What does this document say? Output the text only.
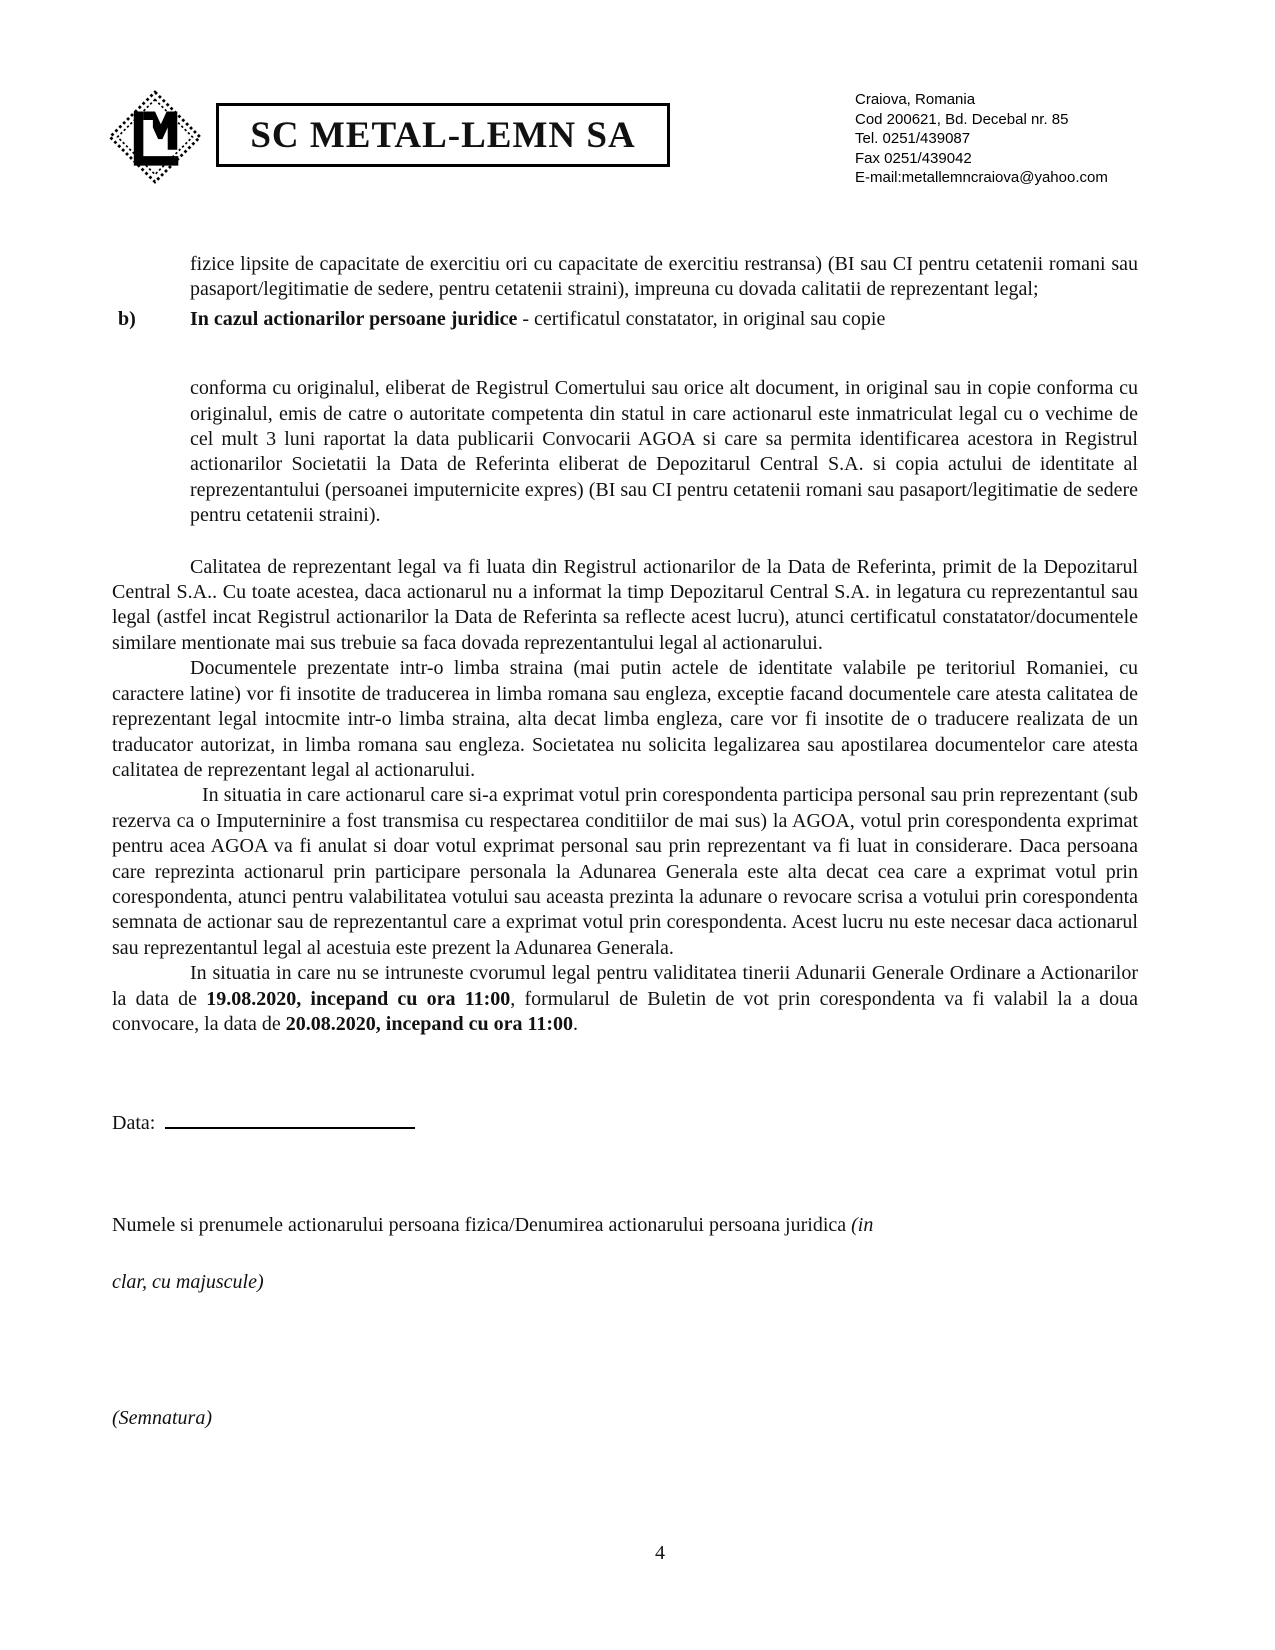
SC METAL-LEMN SA
Craiova, Romania
Cod 200621, Bd. Decebal nr. 85
Tel. 0251/439087
Fax 0251/439042
E-mail:metallemncraiova@yahoo.com
fizice lipsite de capacitate de exercitiu ori cu capacitate de exercitiu restransa) (BI sau CI pentru cetatenii romani sau pasaport/legitimatie de sedere, pentru cetatenii straini), impreuna cu dovada calitatii de reprezentant legal;
b)	In cazul actionarilor persoane juridice - certificatul constatator, in original sau copie
conforma cu originalul, eliberat de Registrul Comertului sau orice alt document, in original sau in copie conforma cu originalul, emis de catre o autoritate competenta din statul in care actionarul este inmatriculat legal cu o vechime de cel mult 3 luni raportat la data publicarii Convocarii AGOA si care sa permita identificarea acestora in Registrul actionarilor Societatii la Data de Referinta eliberat de Depozitarul Central S.A. si copia actului de identitate al reprezentantului (persoanei imputernicite expres) (BI sau CI pentru cetatenii romani sau pasaport/legitimatie de sedere pentru cetatenii straini).
Calitatea de reprezentant legal va fi luata din Registrul actionarilor de la Data de Referinta, primit de la Depozitarul Central S.A.. Cu toate acestea, daca actionarul nu a informat la timp Depozitarul Central S.A. in legatura cu reprezentantul sau legal (astfel incat Registrul actionarilor la Data de Referinta sa reflecte acest lucru), atunci certificatul constatator/documentele similare mentionate mai sus trebuie sa faca dovada reprezentantului legal al actionarului.
Documentele prezentate intr-o limba straina (mai putin actele de identitate valabile pe teritoriul Romaniei, cu caractere latine) vor fi insotite de traducerea in limba romana sau engleza, exceptie facand documentele care atesta calitatea de reprezentant legal intocmite intr-o limba straina, alta decat limba engleza, care vor fi insotite de o traducere realizata de un traducator autorizat, in limba romana sau engleza. Societatea nu solicita legalizarea sau apostilarea documentelor care atesta calitatea de reprezentant legal al actionarului.
In situatia in care actionarul care si-a exprimat votul prin corespondenta participa personal sau prin reprezentant (sub rezerva ca o Imputerninire a fost transmisa cu respectarea conditiilor de mai sus) la AGOA, votul prin corespondenta exprimat pentru acea AGOA va fi anulat si doar votul exprimat personal sau prin reprezentant va fi luat in considerare. Daca persoana care reprezinta actionarul prin participare personala la Adunarea Generala este alta decat cea care a exprimat votul prin corespondenta, atunci pentru valabilitatea votului sau aceasta prezinta la adunare o revocare scrisa a votului prin corespondenta semnata de actionar sau de reprezentantul care a exprimat votul prin corespondenta. Acest lucru nu este necesar daca actionarul sau reprezentantul legal al acestuia este prezent la Adunarea Generala.
In situatia in care nu se intruneste cvorumul legal pentru validitatea tinerii Adunarii Generale Ordinare a Actionarilor la data de 19.08.2020, incepand cu ora 11:00, formularul de Buletin de vot prin corespondenta va fi valabil la a doua convocare, la data de 20.08.2020, incepand cu ora 11:00.
Data:
Numele si prenumele actionarului persoana fizica/Denumirea actionarului persoana juridica (in
clar, cu majuscule)
(Semnatura)
4
